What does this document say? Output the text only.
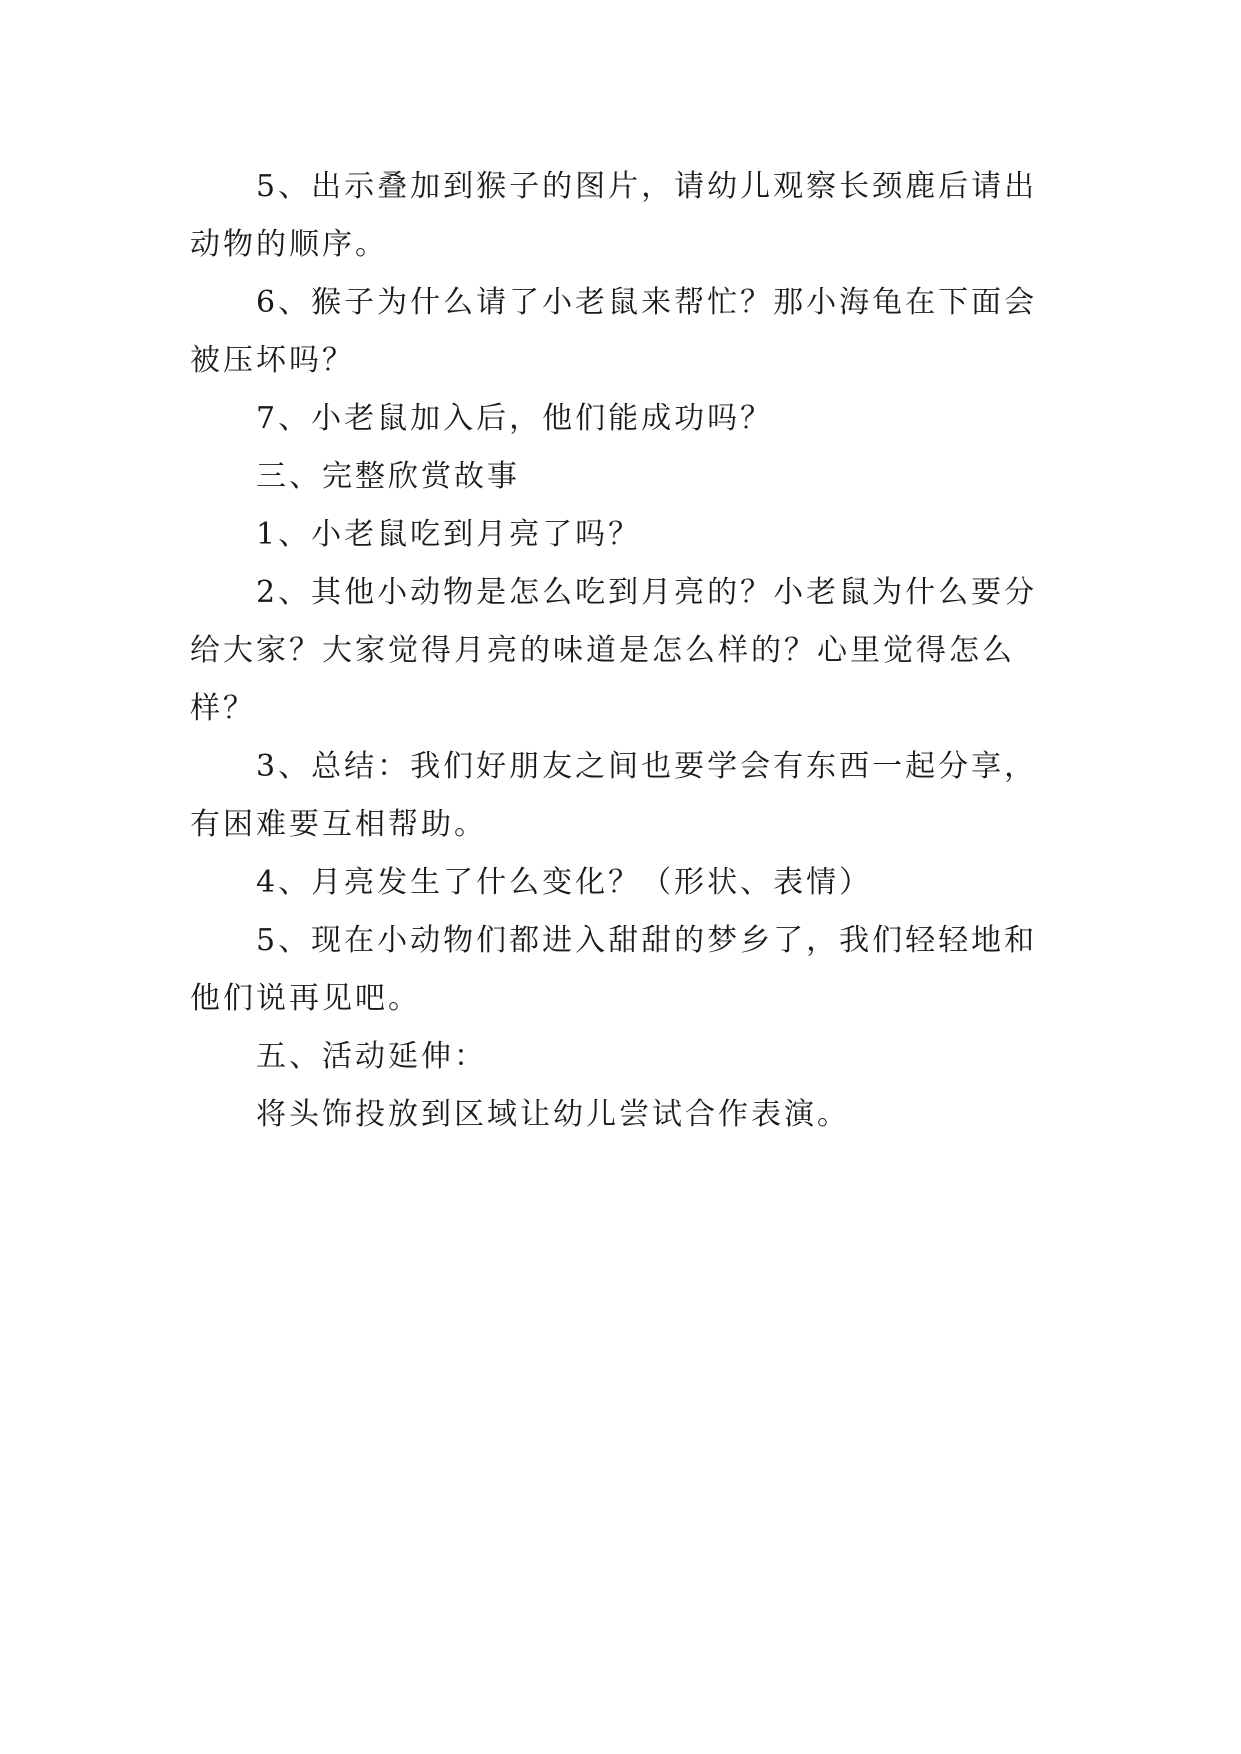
5、出示叠加到猴子的图片，请幼儿观察长颈鹿后请出动物的顺序。

6、猴子为什么请了小老鼠来帮忙？那小海龟在下面会被压坏吗？

7、小老鼠加入后，他们能成功吗？

三、完整欣赏故事

1、小老鼠吃到月亮了吗？

2、其他小动物是怎么吃到月亮的？小老鼠为什么要分给大家？大家觉得月亮的味道是怎么样的？心里觉得怎么样？

3、总结：我们好朋友之间也要学会有东西一起分享，有困难要互相帮助。

4、月亮发生了什么变化？（形状、表情）

5、现在小动物们都进入甜甜的梦乡了，我们轻轻地和他们说再见吧。

五、活动延伸：

将头饰投放到区域让幼儿尝试合作表演。
